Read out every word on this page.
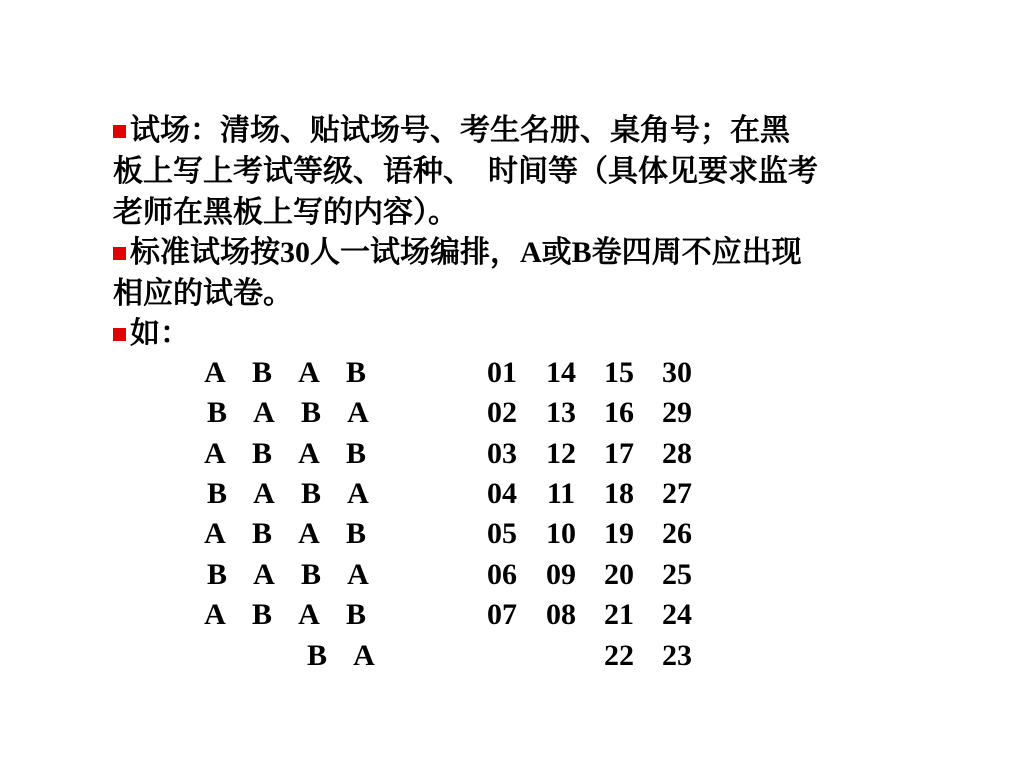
试场：清场、贴试场号、考生名册、桌角号；在黑
板上写上考试等级、语种、  时间等（具体见要求监考
老师在黑板上写的内容）。
标准试场按30人一试场编排，A或B卷四周不应出现
相应的试卷。
如：
A B A B	01 14 15 30
B A B A	02 13 16 29
A B A B	03 12 17 28
B A B A	04 11 18 27
A B A B	05 10 19 26
B A B A	06 09 20 25
A B A B	07 08 21 24
B A	22 23
